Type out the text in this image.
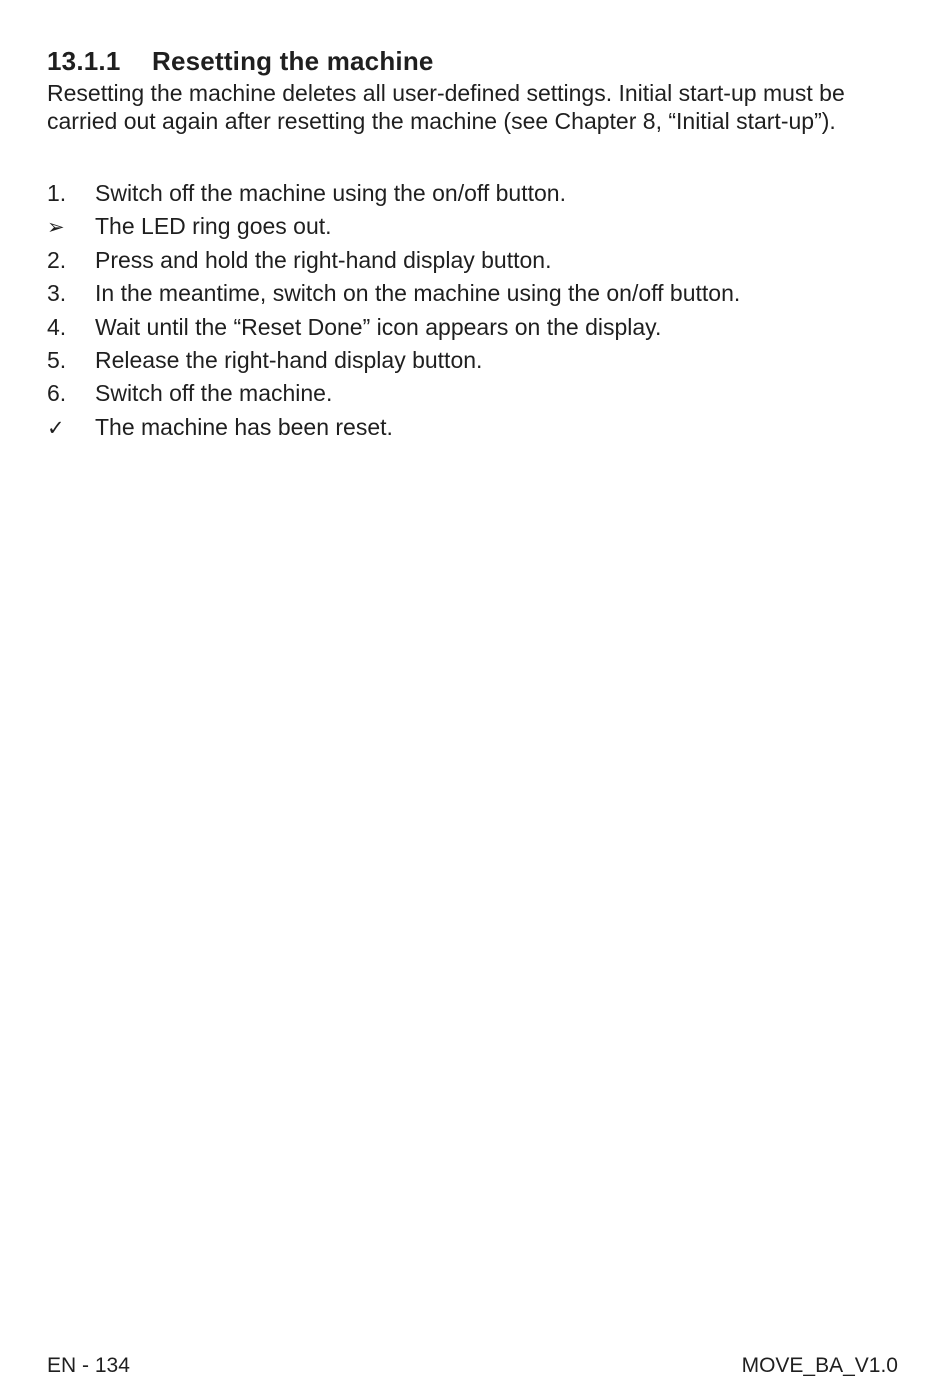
13.1.1	Resetting the machine

Resetting the machine deletes all user-defined settings. Initial start-up must be carried out again after resetting the machine (see Chapter 8, “Initial start-up”).

1.	Switch off the machine using the on/off button.
➢	The LED ring goes out.
2.	Press and hold the right-hand display button.
3.	In the meantime, switch on the machine using the on/off button.
4.	Wait until the “Reset Done” icon appears on the display.
5.	Release the right-hand display button.
6.	Switch off the machine.
✓	The machine has been reset.
EN - 134	MOVE_BA_V1.0
